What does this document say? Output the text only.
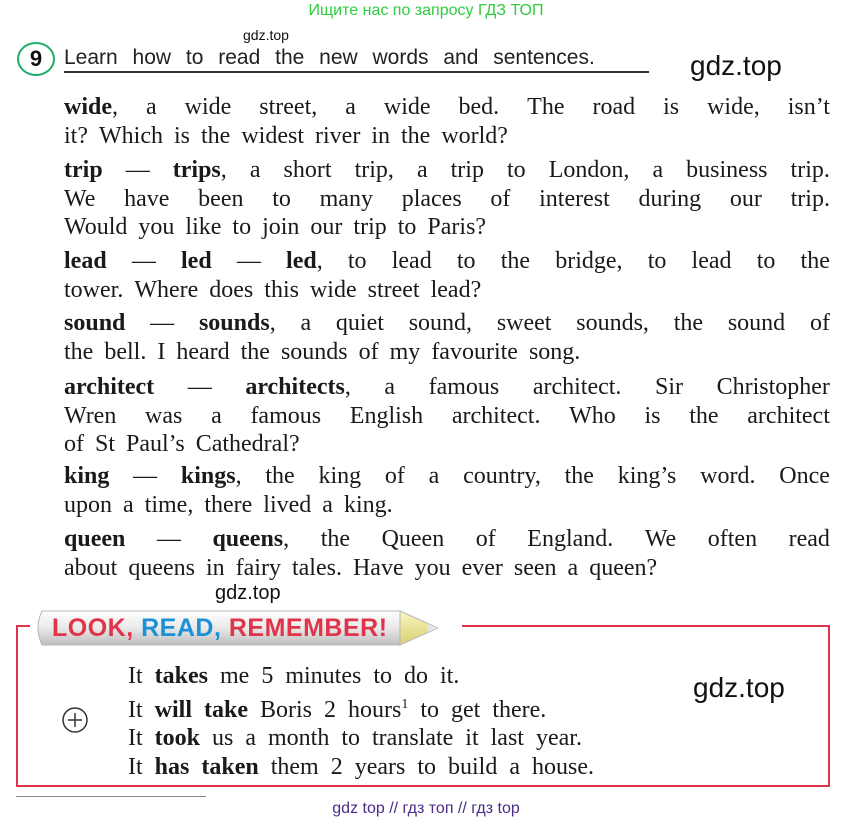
Ищите нас по запросу ГДЗ ТОП
gdz.top
gdz.top
9	Learn how to read the new words and sentences.
wide, a wide street, a wide bed. The road is wide, isn’t
it? Which is the widest river in the world?
trip — trips, a short trip, a trip to London, a business trip.
We have been to many places of interest during our trip.
Would you like to join our trip to Paris?
lead — led — led, to lead to the bridge, to lead to the
tower. Where does this wide street lead?
sound — sounds, a quiet sound, sweet sounds, the sound of
the bell. I heard the sounds of my favourite song.
architect — architects, a famous architect. Sir Christopher
Wren was a famous English architect. Who is the architect
of St Paul’s Cathedral?
king — kings, the king of a country, the king’s word. Once
upon a time, there lived a king.
queen — queens, the Queen of England. We often read
about queens in fairy tales. Have you ever seen a queen?
gdz.top
LOOK, READ, REMEMBER!
gdz.top
It takes me 5 minutes to do it.
It will take Boris 2 hours$^1$ to get there.
It took us a month to translate it last year.
It has taken them 2 years to build a house.
gdz top // гдз топ // гдз top
